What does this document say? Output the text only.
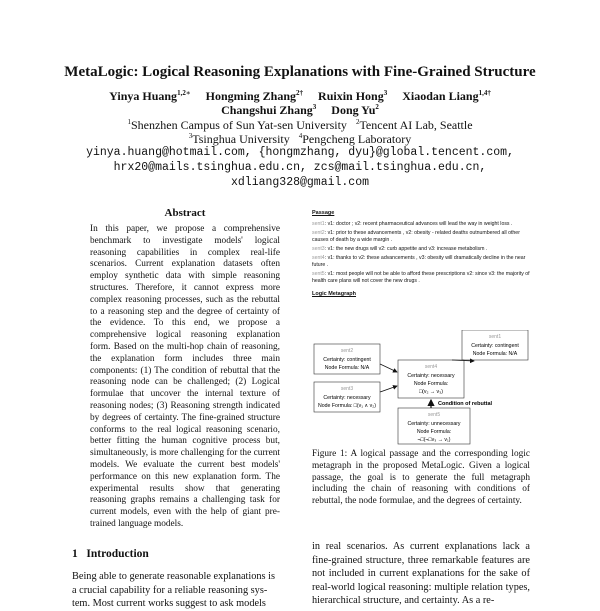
MetaLogic: Logical Reasoning Explanations with Fine-Grained Structure
Yinya Huang$^{1,2∗}$ Hongming Zhang$^{2\dagger}$ Ruixin Hong$^3$ Xiaodan Liang$^{1,4\dagger}$
Changshui Zhang$^3$ Dong Yu$^2$
$^1$Shenzhen Campus of Sun Yat-sen University $^2$Tencent AI Lab, Seattle
$^3$Tsinghua University $^4$Pengcheng Laboratory
yinya.huang@hotmail.com, {hongmzhang, dyu}@global.tencent.com,
hrx20@mails.tsinghua.edu.cn, zcs@mail.tsinghua.edu.cn,
xdliang328@gmail.com
Abstract

In this paper, we propose a comprehensive benchmark to investigate models' logical reasoning capabilities in complex real-life scenarios. Current explanation datasets often employ synthetic data with simple reasoning structures. Therefore, it cannot express more complex reasoning processes, such as the rebuttal to a reasoning step and the degree of certainty of the evidence. To this end, we propose a comprehensive logical reasoning explanation form. Based on the multi-hop chain of reasoning, the explanation form includes three main components: (1) The condition of rebuttal that the reasoning node can be challenged; (2) Logical formulae that uncover the internal texture of reasoning nodes; (3) Reasoning strength indicated by degrees of certainty. The fine-grained structure conforms to the real logical reasoning scenario, better fitting the human cognitive process but, simultaneously, is more challenging for the current models. We evaluate the current best models' performance on this new explanation form. The experimental results show that generating reasoning graphs remains a challenging task for current models, even with the help of giant pre-trained language models.

1 Introduction

Being able to generate reasonable explanations is a crucial capability for a reliable reasoning sys- tem. Most current works suggest to ask models

Passage
sent1: v1: doctor ; v2: recent pharmaceutical advances will lead the way in weight loss .
sent2: v1: prior to these advancements , v2: obesity - related deaths outnumbered all other causes of death by a wide margin .
sent3: v1: the new drugs will v2: curb appetite and v3: increase metabolism .
sent4: v1: thanks to v2: these advancements , v3: obesity will dramatically decline in the near future .
sent5: v1: most people will not be able to afford these prescriptions v2: since v3: the majority of health care plans will not cover the new drugs .
Logic Metagraph
sent1
Certainty: contingent
Node Formula: N/A
sent2
Certainty: contingent
Node Formula: N/A	sent4
Certainty: necessary
Node Formula:
□(v₂ → v₃)
sent3
Certainty: necessary
Node Formula: □(v₁ ∧ v₂)
sent5
Certainty: unnecessary
Node Formula:
¬□(¬□v₃ → v₁)
Condition of rebuttal

Figure 1: A logical passage and the corresponding logic metagraph in the proposed MetaLogic. Given a logical passage, the goal is to generate the full metagraph including the chain of reasoning with conditions of rebuttal, the node formulae, and the degrees of certainty.

in real scenarios. As current explanations lack a fine-grained structure, three remarkable features are not included in current explanations for the sake of real-world logical reasoning: multiple relation types, hierarchical structure, and certainty. As a re-
